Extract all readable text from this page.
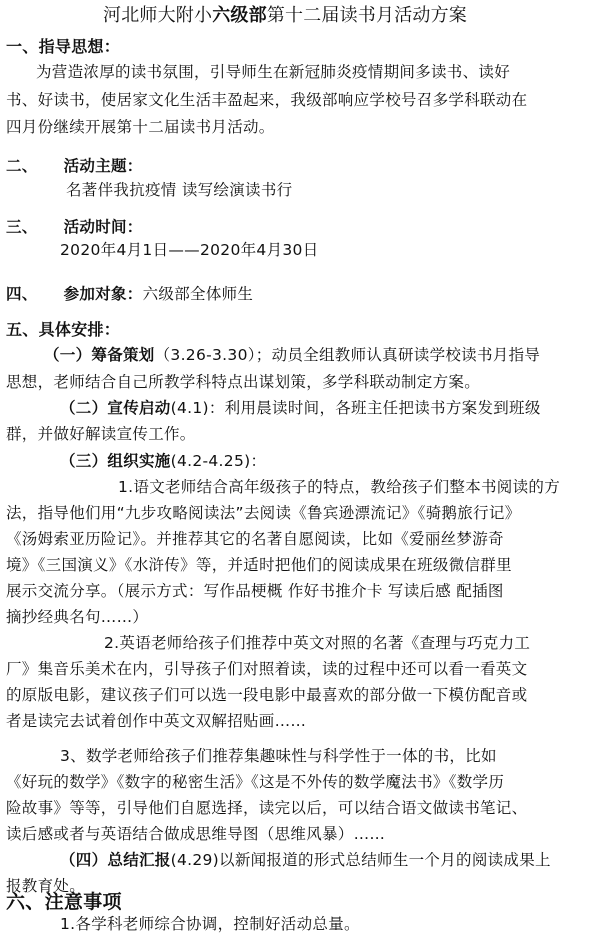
河北师大附小六级部第十二届读书月活动方案
一、指导思想：
为营造浓厚的读书氛围，引导师生在新冠肺炎疫情期间多读书、读好
书、好读书，使居家文化生活丰盈起来，我级部响应学校号召多学科联动在
四月份继续开展第十二届读书月活动。
二、 活动主题：
名著伴我抗疫情 读写绘演读书行
三、 活动时间：
2020年4月1日——2020年4月30日
四、 参加对象：六级部全体师生
五、具体安排：
（一）筹备策划（3.26-3.30）；动员全组教师认真研读学校读书月指导
思想，老师结合自己所教学科特点出谋划策，多学科联动制定方案。
（二）宣传启动(4.1)：利用晨读时间，各班主任把读书方案发到班级
群，并做好解读宣传工作。
（三）组织实施(4.2-4.25)：
1.语文老师结合高年级孩子的特点，教给孩子们整本书阅读的方
法，指导他们用“九步攻略阅读法”去阅读《鲁宾逊漂流记》《骑鹅旅行记》
《汤姆索亚历险记》。并推荐其它的名著自愿阅读，比如《爱丽丝梦游奇
境》《三国演义》《水浒传》等，并适时把他们的阅读成果在班级微信群里
展示交流分享。（展示方式：写作品梗概 作好书推介卡 写读后感 配插图
摘抄经典名句……）
2.英语老师给孩子们推荐中英文对照的名著《查理与巧克力工
厂》集音乐美术在内，引导孩子们对照着读，读的过程中还可以看一看英文
的原版电影，建议孩子们可以选一段电影中最喜欢的部分做一下模仿配音或
者是读完去试着创作中英文双解招贴画……
3、数学老师给孩子们推荐集趣味性与科学性于一体的书，比如
《好玩的数学》《数字的秘密生活》《这是不外传的数学魔法书》《数学历
险故事》等等，引导他们自愿选择，读完以后，可以结合语文做读书笔记、
读后感或者与英语结合做成思维导图（思维风暴）……
（四）总结汇报(4.29)以新闻报道的形式总结师生一个月的阅读成果上
报教育处。
六、注意事项
1.各学科老师综合协调，控制好活动总量。
